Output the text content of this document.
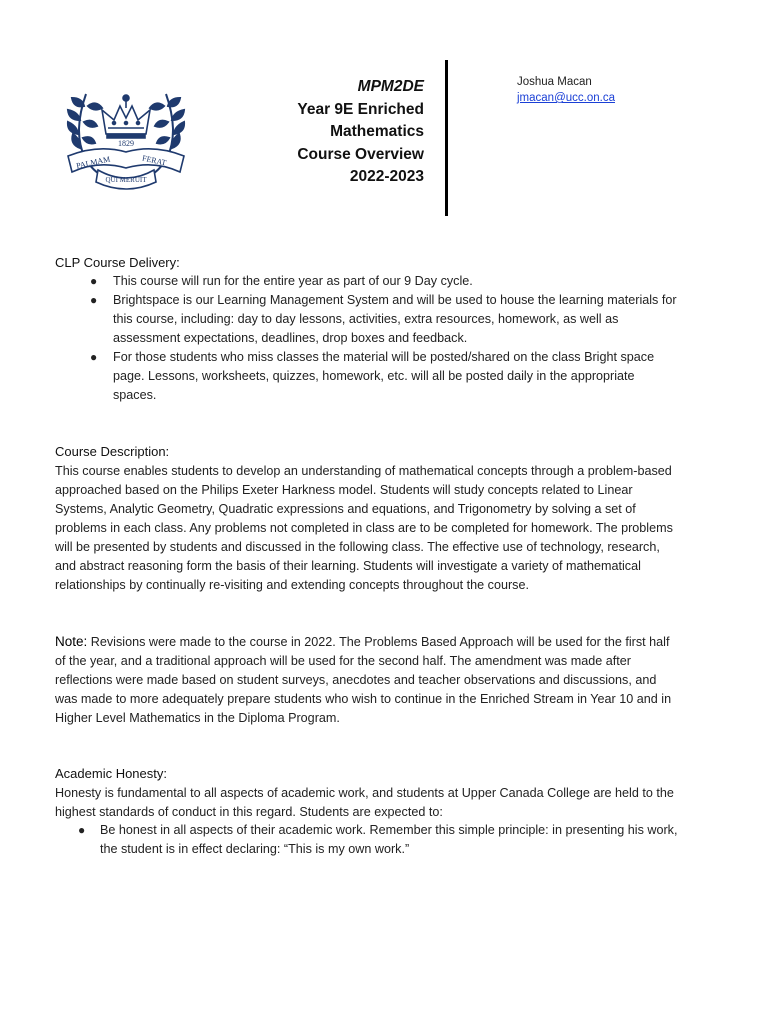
1829
PALMAM	FERAT
QUI MERUIT
MPM2DE
Year 9E Enriched
Mathematics
Course Overview
2022-2023
Joshua Macan
jmacan@ucc.on.ca
CLP Course Delivery:
● This course will run for the entire year as part of our 9 Day cycle.
● Brightspace is our Learning Management System and will be used to house the learning materials for this course, including: day to day lessons, activities, extra resources, homework, as well as assessment expectations, deadlines, drop boxes and feedback.
● For those students who miss classes the material will be posted/shared on the class Bright space page. Lessons, worksheets, quizzes, homework, etc. will all be posted daily in the appropriate spaces.
Course Description:
This course enables students to develop an understanding of mathematical concepts through a problem-based approached based on the Philips Exeter Harkness model. Students will study concepts related to Linear Systems, Analytic Geometry, Quadratic expressions and equations, and Trigonometry by solving a set of problems in each class. Any problems not completed in class are to be completed for homework. The problems will be presented by students and discussed in the following class. The effective use of technology, research, and abstract reasoning form the basis of their learning. Students will investigate a variety of mathematical relationships by continually re-visiting and extending concepts throughout the course.
Note: Revisions were made to the course in 2022. The Problems Based Approach will be used for the first half of the year, and a traditional approach will be used for the second half. The amendment was made after reflections were made based on student surveys, anecdotes and teacher observations and discussions, and was made to more adequately prepare students who wish to continue in the Enriched Stream in Year 10 and in Higher Level Mathematics in the Diploma Program.
Academic Honesty:
Honesty is fundamental to all aspects of academic work, and students at Upper Canada College are held to the highest standards of conduct in this regard. Students are expected to:
● Be honest in all aspects of their academic work. Remember this simple principle: in presenting his work, the student is in effect declaring: “This is my own work.”
